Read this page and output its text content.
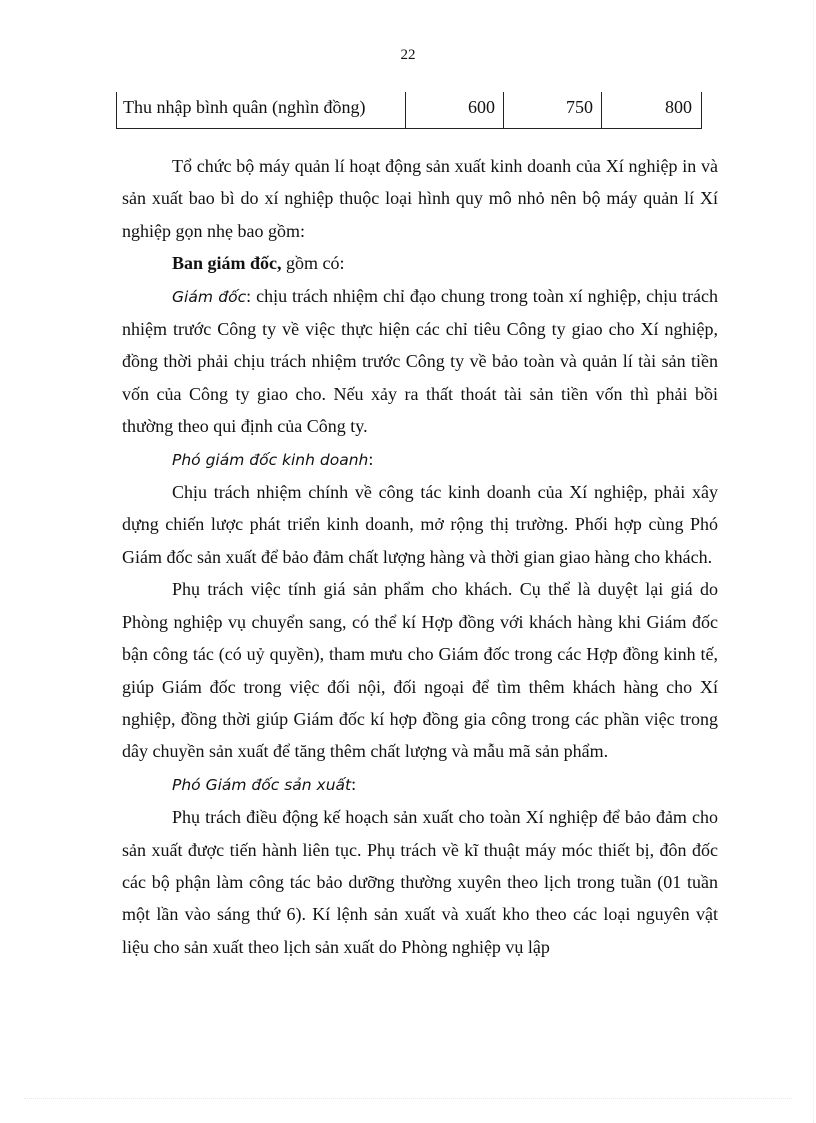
22
Thu nhập bình quân (nghìn đồng)	600	750	800

Tổ chức bộ máy quản lí hoạt động sản xuất kinh doanh của Xí nghiệp in và sản xuất bao bì do xí nghiệp thuộc loại hình quy mô nhỏ nên bộ máy quản lí Xí nghiệp gọn nhẹ bao gồm:

Ban giám đốc, gồm có:

Giám đốc: chịu trách nhiệm chỉ đạo chung trong toàn xí nghiệp, chịu trách nhiệm trước Công ty về việc thực hiện các chỉ tiêu Công ty giao cho Xí nghiệp, đồng thời phải chịu trách nhiệm trước Công ty về bảo toàn và quản lí tài sản tiền vốn của Công ty giao cho. Nếu xảy ra thất thoát tài sản tiền vốn thì phải bồi thường theo qui định của Công ty.

Phó giám đốc kinh doanh:

Chịu trách nhiệm chính về công tác kinh doanh của Xí nghiệp, phải xây dựng chiến lược phát triển kinh doanh, mở rộng thị trường. Phối hợp cùng Phó Giám đốc sản xuất để bảo đảm chất lượng hàng và thời gian giao hàng cho khách.

Phụ trách việc tính giá sản phẩm cho khách. Cụ thể là duyệt lại giá do Phòng nghiệp vụ chuyển sang, có thể kí Hợp đồng với khách hàng khi Giám đốc bận công tác (có uỷ quyền), tham mưu cho Giám đốc trong các Hợp đồng kinh tế, giúp Giám đốc trong việc đối nội, đối ngoại để tìm thêm khách hàng cho Xí nghiệp, đồng thời giúp Giám đốc kí hợp đồng gia công trong các phần việc trong dây chuyền sản xuất để tăng thêm chất lượng và mẫu mã sản phẩm.

Phó Giám đốc sản xuất:

Phụ trách điều động kế hoạch sản xuất cho toàn Xí nghiệp để bảo đảm cho sản xuất được tiến hành liên tục. Phụ trách về kĩ thuật máy móc thiết bị, đôn đốc các bộ phận làm công tác bảo dưỡng thường xuyên theo lịch trong tuần (01 tuần một lần vào sáng thứ 6). Kí lệnh sản xuất và xuất kho theo các loại nguyên vật liệu cho sản xuất theo lịch sản xuất do Phòng nghiệp vụ lập
